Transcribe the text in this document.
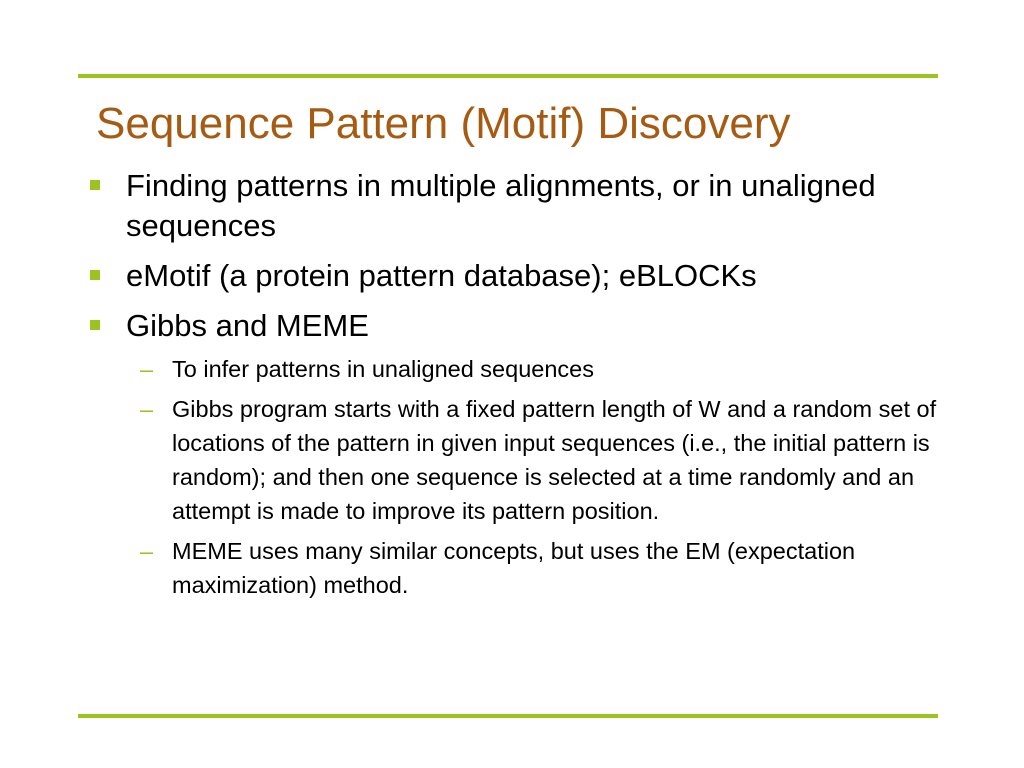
Sequence Pattern (Motif) Discovery
Finding patterns in multiple alignments, or in unaligned sequences
eMotif (a protein pattern database); eBLOCKs
Gibbs and MEME
– To infer patterns in unaligned sequences
– Gibbs program starts with a fixed pattern length of W and a random set of locations of the pattern in given input sequences (i.e., the initial pattern is random); and then one sequence is selected at a time randomly and an attempt is made to improve its pattern position.
– MEME uses many similar concepts, but uses the EM (expectation maximization) method.
